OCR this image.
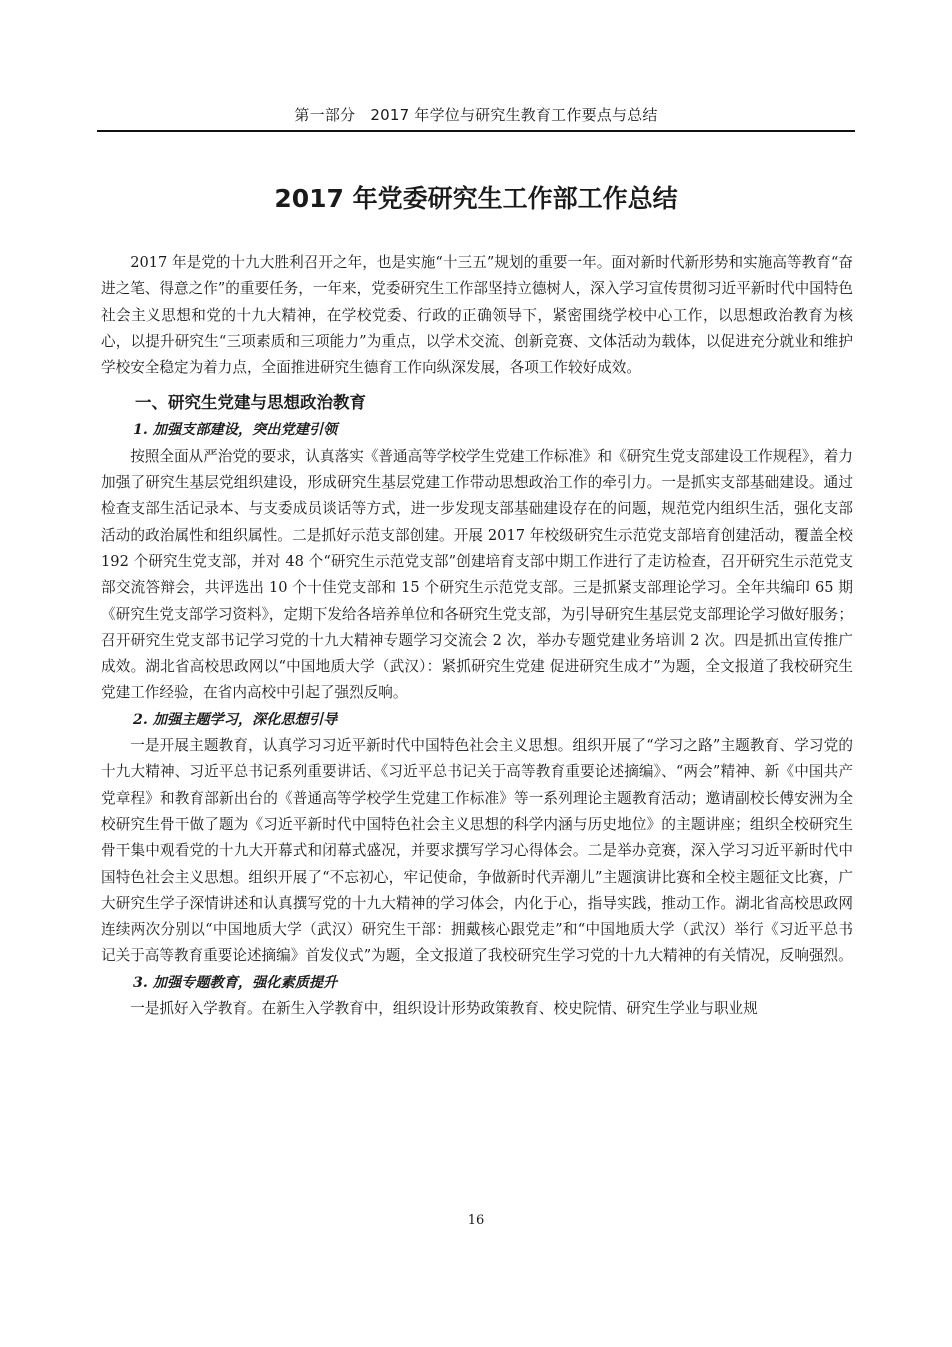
第一部分　2017 年学位与研究生教育工作要点与总结
2017 年党委研究生工作部工作总结

2017 年是党的十九大胜利召开之年，也是实施“十三五”规划的重要一年。面对新时代新形势和实施高等教育“奋进之笔、得意之作”的重要任务，一年来，党委研究生工作部坚持立德树人，深入学习宣传贯彻习近平新时代中国特色社会主义思想和党的十九大精神，在学校党委、行政的正确领导下，紧密围绕学校中心工作，以思想政治教育为核心，以提升研究生“三项素质和三项能力”为重点，以学术交流、创新竞赛、文体活动为载体，以促进充分就业和维护学校安全稳定为着力点，全面推进研究生德育工作向纵深发展，各项工作较好成效。

一、研究生党建与思想政治教育
1. 加强支部建设，突出党建引领

按照全面从严治党的要求，认真落实《普通高等学校学生党建工作标准》和《研究生党支部建设工作规程》，着力加强了研究生基层党组织建设，形成研究生基层党建工作带动思想政治工作的牵引力。一是抓实支部基础建设。通过检查支部生活记录本、与支委成员谈话等方式，进一步发现支部基础建设存在的问题，规范党内组织生活，强化支部活动的政治属性和组织属性。二是抓好示范支部创建。开展 2017 年校级研究生示范党支部培育创建活动，覆盖全校 192 个研究生党支部，并对 48 个“研究生示范党支部”创建培育支部中期工作进行了走访检查，召开研究生示范党支部交流答辩会，共评选出 10 个十佳党支部和 15 个研究生示范党支部。三是抓紧支部理论学习。全年共编印 65 期《研究生党支部学习资料》，定期下发给各培养单位和各研究生党支部，为引导研究生基层党支部理论学习做好服务；召开研究生党支部书记学习党的十九大精神专题学习交流会 2 次，举办专题党建业务培训 2 次。四是抓出宣传推广成效。湖北省高校思政网以“中国地质大学（武汉）：紧抓研究生党建 促进研究生成才”为题，全文报道了我校研究生党建工作经验，在省内高校中引起了强烈反响。

2. 加强主题学习，深化思想引导

一是开展主题教育，认真学习习近平新时代中国特色社会主义思想。组织开展了“学习之路”主题教育、学习党的十九大精神、习近平总书记系列重要讲话、《习近平总书记关于高等教育重要论述摘编》、“两会”精神、新《中国共产党章程》和教育部新出台的《普通高等学校学生党建工作标准》等一系列理论主题教育活动；邀请副校长傅安洲为全校研究生骨干做了题为《习近平新时代中国特色社会主义思想的科学内涵与历史地位》的主题讲座；组织全校研究生骨干集中观看党的十九大开幕式和闭幕式盛况，并要求撰写学习心得体会。二是举办竞赛，深入学习习近平新时代中国特色社会主义思想。组织开展了“不忘初心，牢记使命，争做新时代弄潮儿”主题演讲比赛和全校主题征文比赛，广大研究生学子深情讲述和认真撰写党的十九大精神的学习体会，内化于心，指导实践，推动工作。湖北省高校思政网连续两次分别以“中国地质大学（武汉）研究生干部：拥戴核心跟党走”和“中国地质大学（武汉）举行《习近平总书记关于高等教育重要论述摘编》首发仪式”为题，全文报道了我校研究生学习党的十九大精神的有关情况，反响强烈。

3. 加强专题教育，强化素质提升

一是抓好入学教育。在新生入学教育中，组织设计形势政策教育、校史院情、研究生学业与职业规

16
